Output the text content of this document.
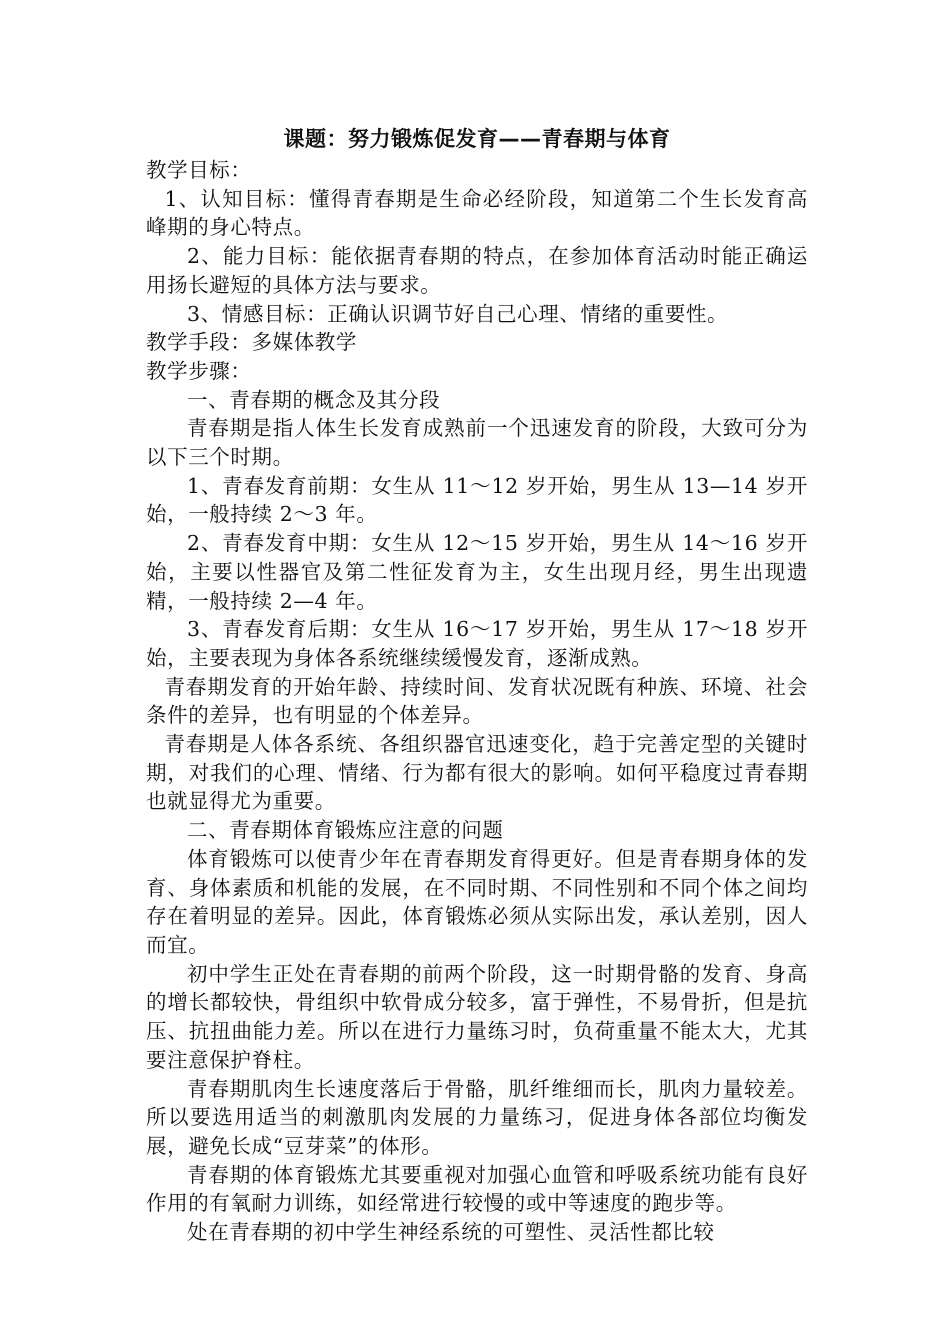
课题：努力锻炼促发育——青春期与体育

教学目标：

1、认知目标：懂得青春期是生命必经阶段，知道第二个生长发育高峰期的身心特点。

2、能力目标：能依据青春期的特点，在参加体育活动时能正确运用扬长避短的具体方法与要求。

3、情感目标：正确认识调节好自己心理、情绪的重要性。

教学手段：多媒体教学

教学步骤：

一、青春期的概念及其分段

青春期是指人体生长发育成熟前一个迅速发育的阶段，大致可分为以下三个时期。

1、青春发育前期：女生从 11～12 岁开始，男生从 13—14 岁开始，一般持续 2～3 年。

2、青春发育中期：女生从 12～15 岁开始，男生从 14～16 岁开始，主要以性器官及第二性征发育为主，女生出现月经，男生出现遗精，一般持续 2—4 年。

3、青春发育后期：女生从 16～17 岁开始，男生从 17～18 岁开始，主要表现为身体各系统继续缓慢发育，逐渐成熟。

青春期发育的开始年龄、持续时间、发育状况既有种族、环境、社会条件的差异，也有明显的个体差异。

青春期是人体各系统、各组织器官迅速变化，趋于完善定型的关键时期，对我们的心理、情绪、行为都有很大的影响。如何平稳度过青春期也就显得尤为重要。

二、青春期体育锻炼应注意的问题

体育锻炼可以使青少年在青春期发育得更好。但是青春期身体的发育、身体素质和机能的发展，在不同时期、不同性别和不同个体之间均存在着明显的差异。因此，体育锻炼必须从实际出发，承认差别，因人而宜。

初中学生正处在青春期的前两个阶段，这一时期骨骼的发育、身高的增长都较快，骨组织中软骨成分较多，富于弹性，不易骨折，但是抗压、抗扭曲能力差。所以在进行力量练习时，负荷重量不能太大，尤其要注意保护脊柱。

青春期肌肉生长速度落后于骨骼，肌纤维细而长，肌肉力量较差。所以要选用适当的刺激肌肉发展的力量练习，促进身体各部位均衡发展，避免长成“豆芽菜”的体形。

青春期的体育锻炼尤其要重视对加强心血管和呼吸系统功能有良好作用的有氧耐力训练，如经常进行较慢的或中等速度的跑步等。

处在青春期的初中学生神经系统的可塑性、灵活性都比较
